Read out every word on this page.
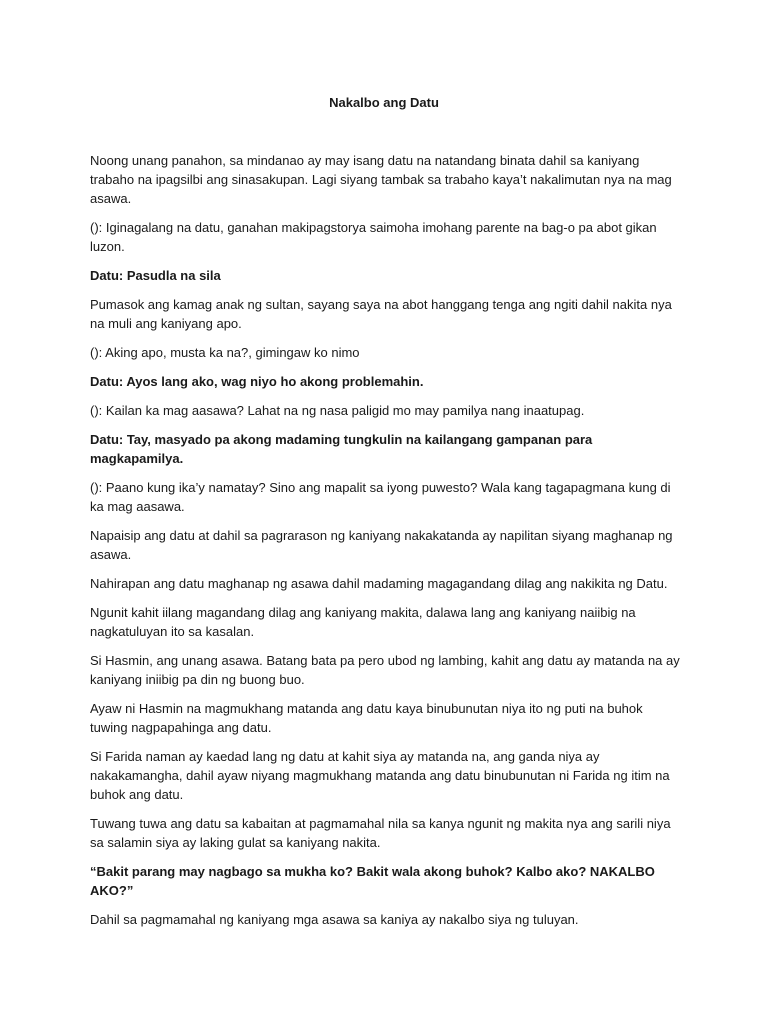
Nakalbo ang Datu

Noong unang panahon, sa mindanao ay may isang datu na natandang binata dahil sa kaniyang trabaho na ipagsilbi ang sinasakupan. Lagi siyang tambak sa trabaho kaya’t nakalimutan nya na mag asawa.

(): Iginagalang na datu, ganahan makipagstorya saimoha imohang parente na bag-o pa abot gikan luzon.

Datu: Pasudla na sila

Pumasok ang kamag anak ng sultan, sayang saya na abot hanggang tenga ang ngiti dahil nakita nya na muli ang kaniyang apo.

(): Aking apo, musta ka na?, gimingaw ko nimo

Datu: Ayos lang ako, wag niyo ho akong problemahin.

(): Kailan ka mag aasawa? Lahat na ng nasa paligid mo may pamilya nang inaatupag.

Datu: Tay, masyado pa akong madaming tungkulin na kailangang gampanan para magkapamilya.

(): Paano kung ika’y namatay? Sino ang mapalit sa iyong puwesto? Wala kang tagapagmana kung di ka mag aasawa.

Napaisip ang datu at dahil sa pagrarason ng kaniyang nakakatanda ay napilitan siyang maghanap ng asawa.

Nahirapan ang datu maghanap ng asawa dahil madaming magagandang dilag ang nakikita ng Datu.

Ngunit kahit iilang magandang dilag ang kaniyang makita, dalawa lang ang kaniyang naiibig na nagkatuluyan ito sa kasalan.

Si Hasmin, ang unang asawa. Batang bata pa pero ubod ng lambing, kahit ang datu ay matanda na ay kaniyang iniibig pa din ng buong buo.

Ayaw ni Hasmin na magmukhang matanda ang datu kaya binubunutan niya ito ng puti na buhok tuwing nagpapahinga ang datu.

Si Farida naman ay kaedad lang ng datu at kahit siya ay matanda na, ang ganda niya ay nakakamangha, dahil ayaw niyang magmukhang matanda ang datu binubunutan ni Farida ng itim na buhok ang datu.

Tuwang tuwa ang datu sa kabaitan at pagmamahal nila sa kanya ngunit ng makita nya ang sarili niya sa salamin siya ay laking gulat sa kaniyang nakita.

“Bakit parang may nagbago sa mukha ko? Bakit wala akong buhok? Kalbo ako? NAKALBO AKO?”

Dahil sa pagmamahal ng kaniyang mga asawa sa kaniya ay nakalbo siya ng tuluyan.
